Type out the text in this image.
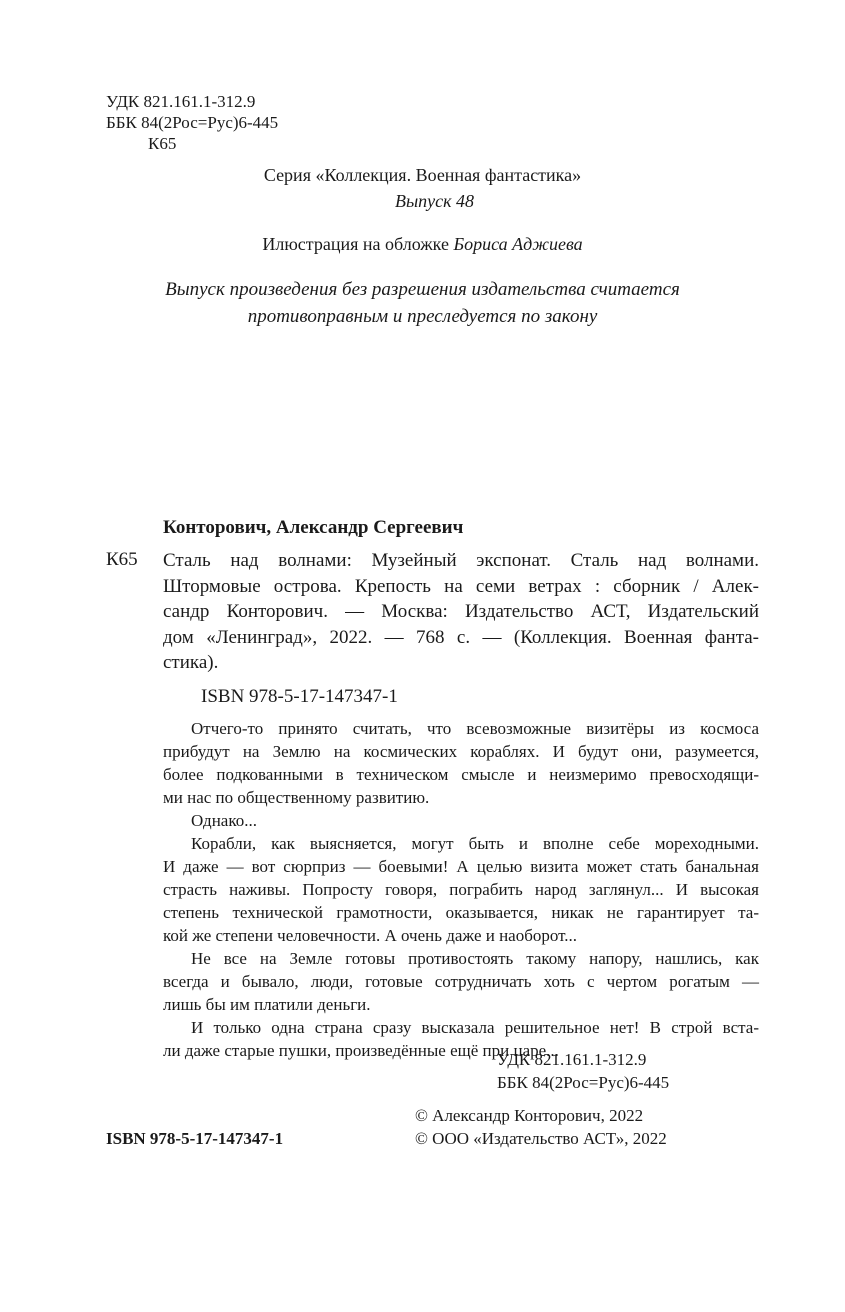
УДК 821.161.1-312.9
ББК 84(2Рос=Рус)6-445
К65
Серия «Коллекция. Военная фантастика»
Выпуск 48
Илюстрация на обложке Бориса Аджиева
Выпуск произведения без разрешения издательства считается
противоправным и преследуется по закону
Конторович, Александр Сергеевич
К65 Сталь над волнами: Музейный экспонат. Сталь над волнами.
Штормовые острова. Крепость на семи ветрах : сборник / Алек-
сандр Конторович. — Москва: Издательство АСТ, Издательский
дом «Ленинград», 2022. — 768 с. — (Коллекция. Военная фанта-
стика).
ISBN 978-5-17-147347-1
Отчего-то принято считать, что всевозможные визитёры из космоса
прибудут на Землю на космических кораблях. И будут они, разумеется,
более подкованными в техническом смысле и неизмеримо превосходящи-
ми нас по общественному развитию.
Однако...
Корабли, как выясняется, могут быть и вполне себе мореходными.
И даже — вот сюрприз — боевыми! А целью визита может стать банальная
страсть наживы. Попросту говоря, пограбить народ заглянул... И высокая
степень технической грамотности, оказывается, никак не гарантирует та-
кой же степени человечности. А очень даже и наоборот...
Не все на Земле готовы противостоять такому напору, нашлись, как
всегда и бывало, люди, готовые сотрудничать хоть с чертом рогатым —
лишь бы им платили деньги.
И только одна страна сразу высказала решительное нет! В строй вста-
ли даже старые пушки, произведённые ещё при царе...
УДК 821.161.1-312.9
ББК 84(2Рос=Рус)6-445
© Александр Конторович, 2022
ISBN 978-5-17-147347-1	© ООО «Издательство АСТ», 2022
